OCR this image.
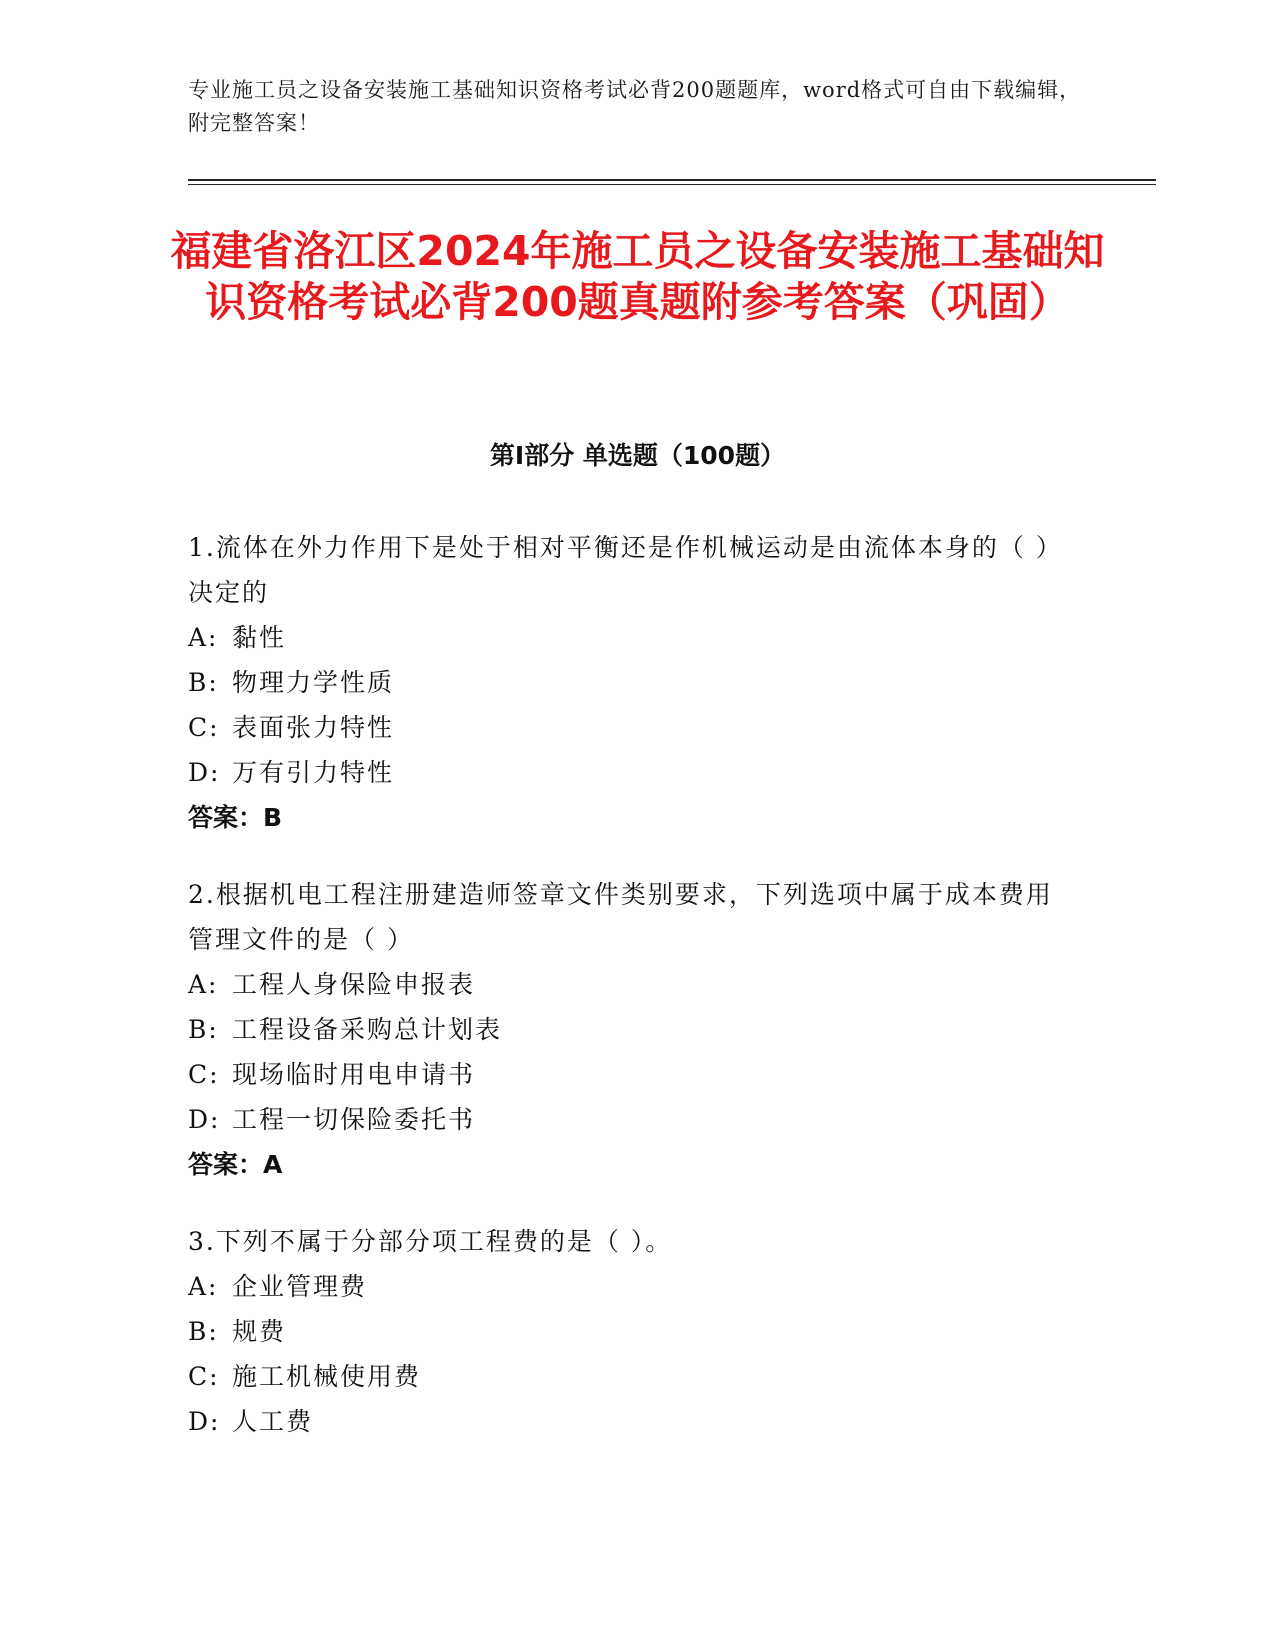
专业施工员之设备安装施工基础知识资格考试必背200题题库，word格式可自由下载编辑，附完整答案！
福建省洛江区2024年施工员之设备安装施工基础知识资格考试必背200题真题附参考答案（巩固）
第Ⅰ部分 单选题（100题）

1.流体在外力作用下是处于相对平衡还是作机械运动是由流体本身的（ ）决定的

A: 黏性

B: 物理力学性质

C: 表面张力特性

D: 万有引力特性

答案：B

2.根据机电工程注册建造师签章文件类别要求，下列选项中属于成本费用管理文件的是（ ）

A: 工程人身保险申报表

B: 工程设备采购总计划表

C: 现场临时用电申请书

D: 工程一切保险委托书

答案：A

3.下列不属于分部分项工程费的是（ ）。

A: 企业管理费

B: 规费

C: 施工机械使用费

D: 人工费
